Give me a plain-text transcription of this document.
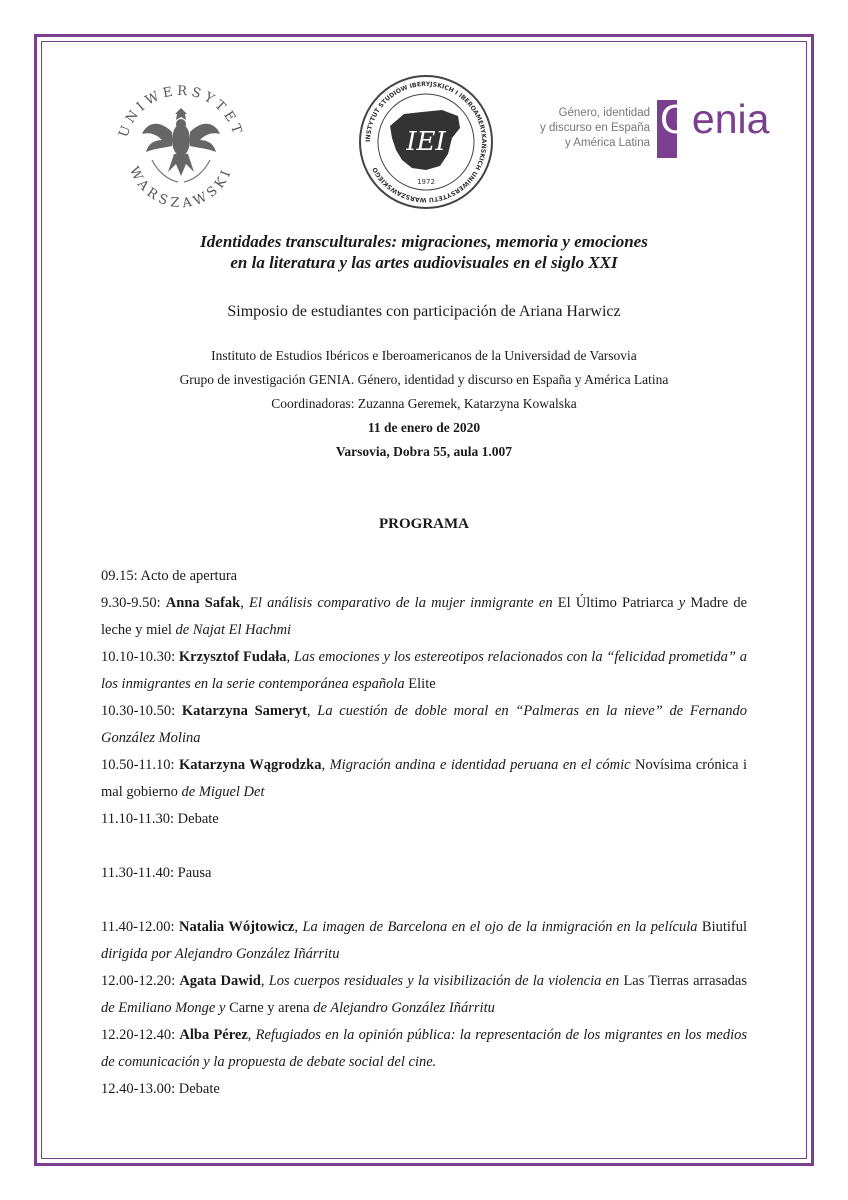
UNIWERSYTET
WARSZAWSKI
INSTYTUT STUDIÓW IBERYJSKICH I IBEROAMERYKAŃSKICH UNIWERSYTETU WARSZAWSKIEGO
IEI
1972
Género, identidad
y discurso en España
y América Latina
Genia
Identidades transculturales: migraciones, memoria y emociones
en la literatura y las artes audiovisuales en el siglo XXI
Simposio de estudiantes con participación de Ariana Harwicz
Instituto de Estudios Ibéricos e Iberoamericanos de la Universidad de Varsovia
Grupo de investigación GENIA. Género, identidad y discurso en España y América Latina
Coordinadoras: Zuzanna Geremek, Katarzyna Kowalska
11 de enero de 2020
Varsovia, Dobra 55, aula 1.007
PROGRAMA

09.15: Acto de apertura

9.30-9.50: Anna Safak, El análisis comparativo de la mujer inmigrante en El Último Patriarca y Madre de leche y miel de Najat El Hachmi

10.10-10.30: Krzysztof Fudała, Las emociones y los estereotipos relacionados con la “felicidad prometida” a los inmigrantes en la serie contemporánea española Elite

10.30-10.50: Katarzyna Sameryt, La cuestión de doble moral en “Palmeras en la nieve” de Fernando González Molina

10.50-11.10: Katarzyna Wągrodzka, Migración andina e identidad peruana en el cómic Novísima crónica i mal gobierno de Miguel Det

11.10-11.30: Debate

11.30-11.40: Pausa

11.40-12.00: Natalia Wójtowicz, La imagen de Barcelona en el ojo de la inmigración en la película Biutiful dirigida por Alejandro González Iñárritu

12.00-12.20: Agata Dawid, Los cuerpos residuales y la visibilización de la violencia en Las Tierras arrasadas de Emiliano Monge y Carne y arena de Alejandro González Iñárritu

12.20-12.40: Alba Pérez, Refugiados en la opinión pública: la representación de los migrantes en los medios de comunicación y la propuesta de debate social del cine.

12.40-13.00: Debate
